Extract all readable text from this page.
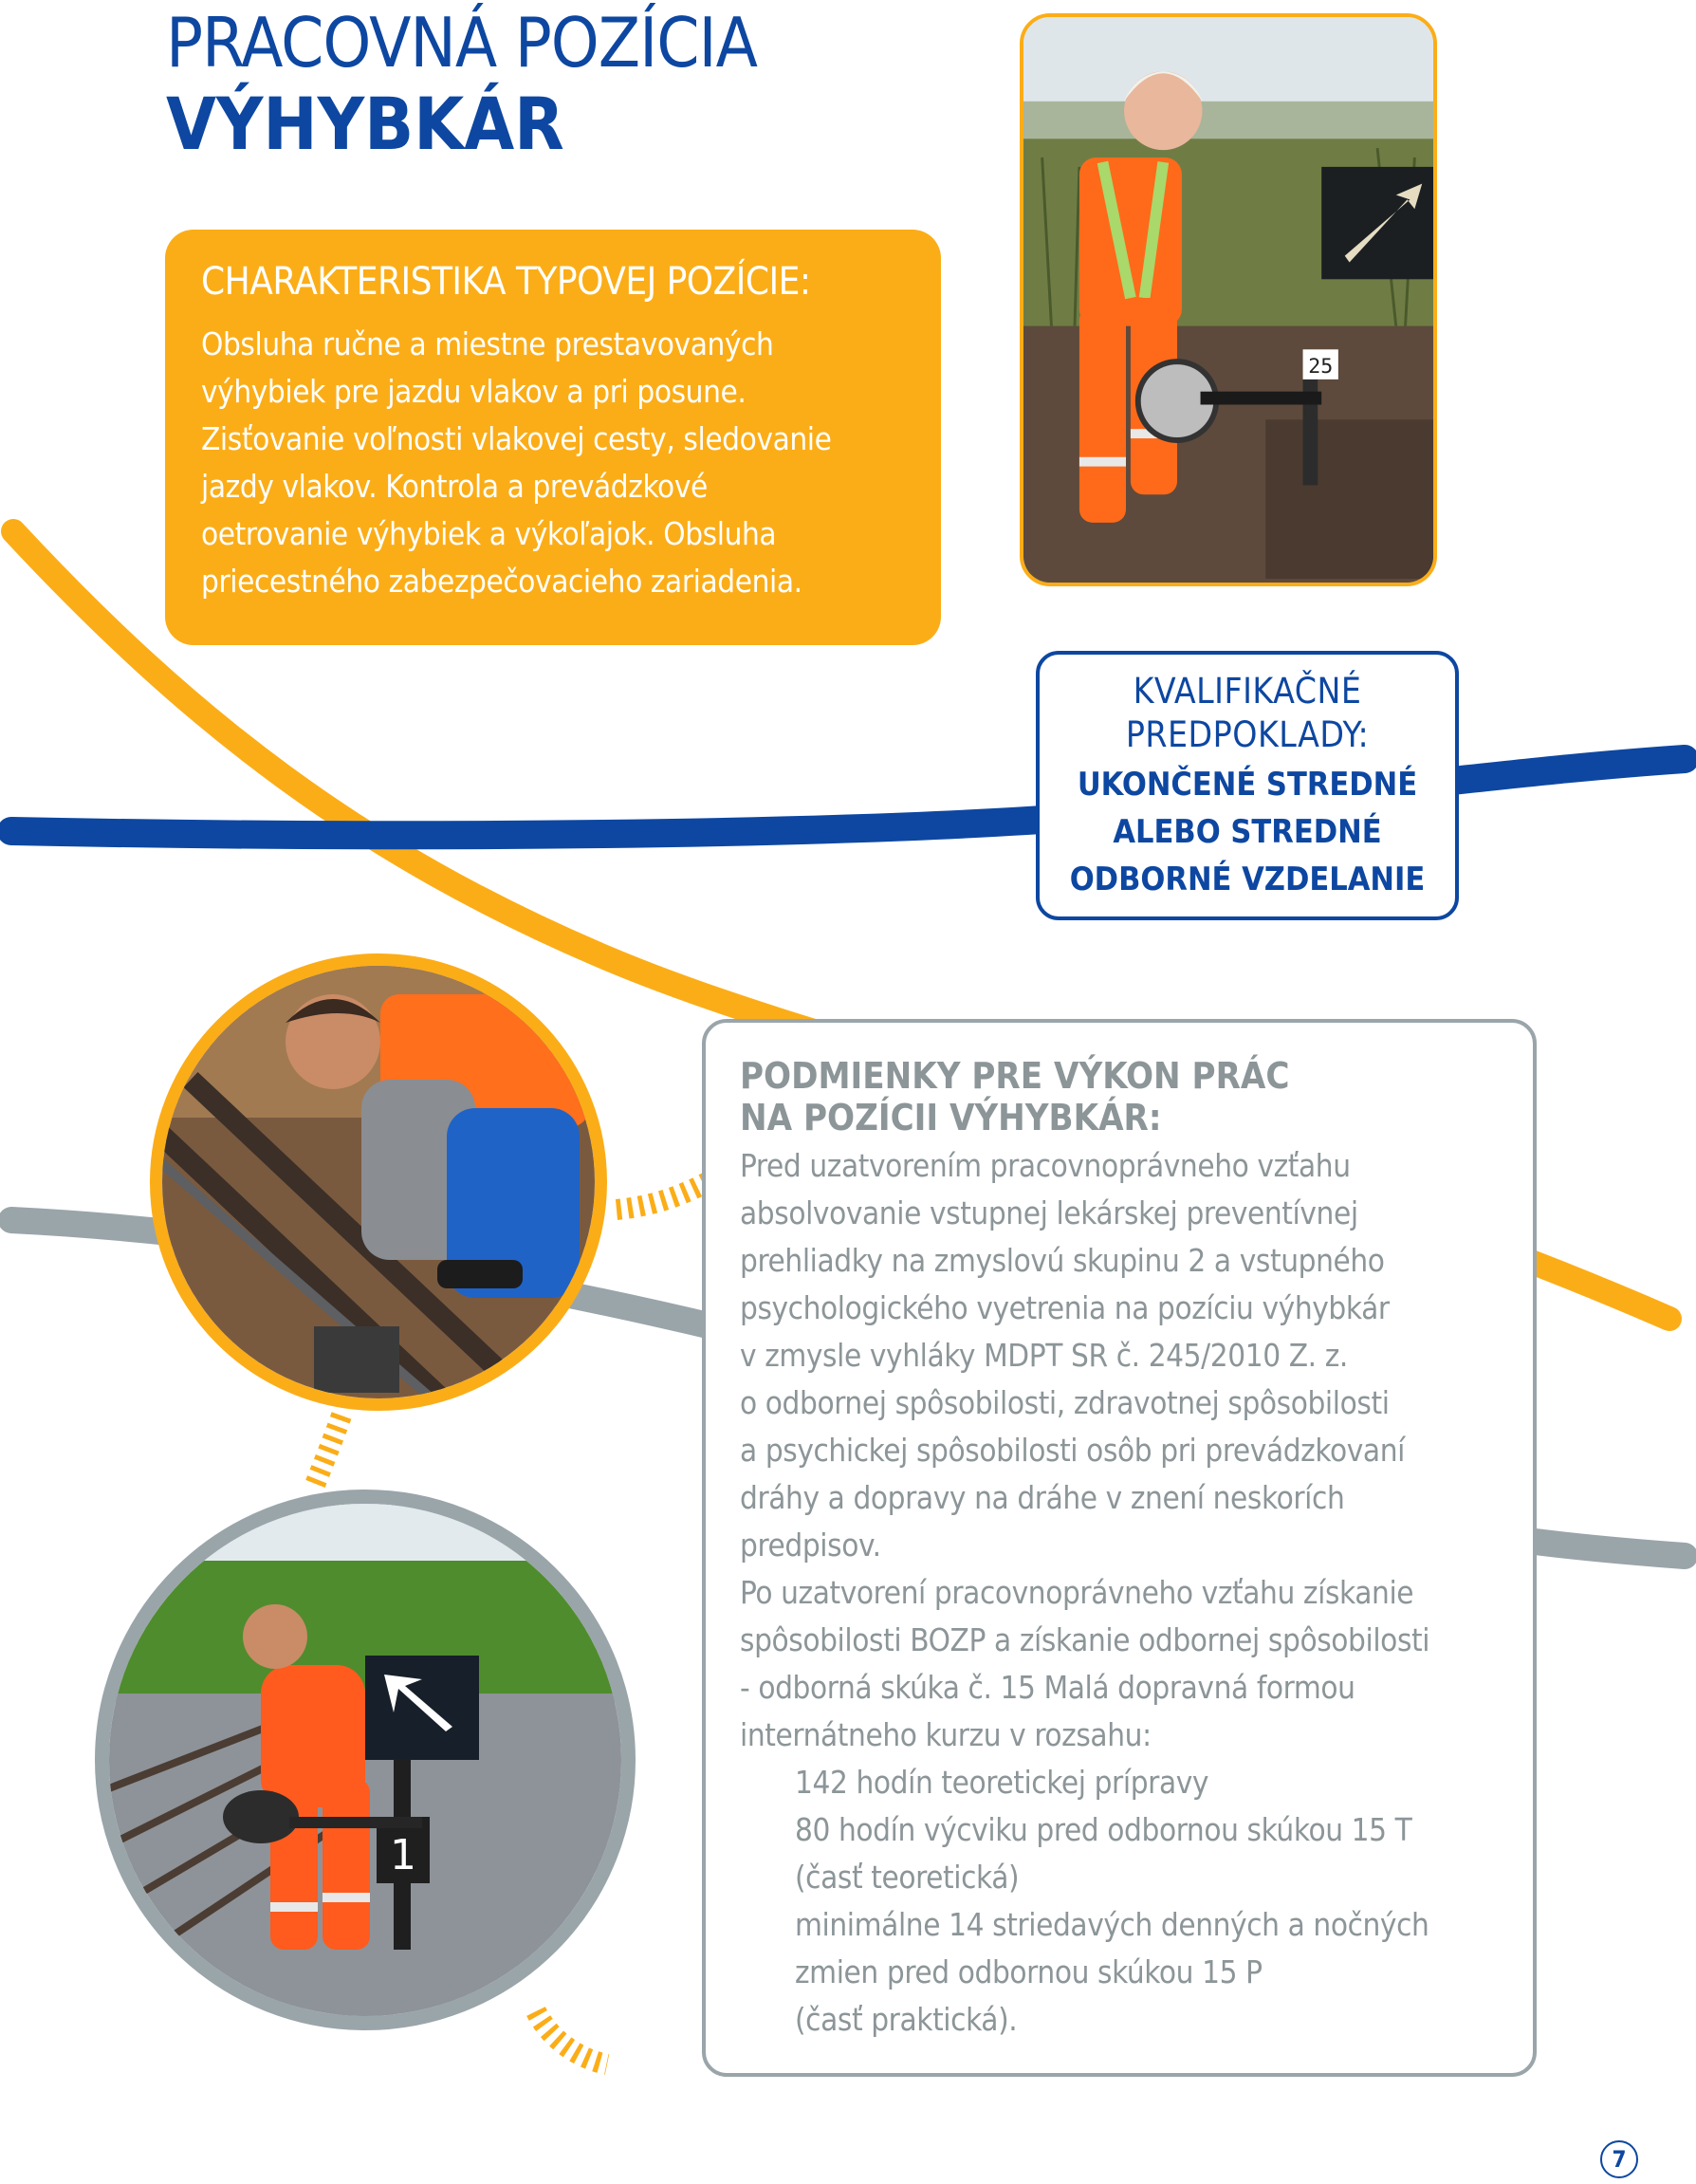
PRACOVNÁ POZÍCIA
VÝHYBKÁR
CHARAKTERISTIKA TYPOVEJ POZÍCIE:

Obsluha ručne a miestne prestavovaných
výhybiek pre jazdu vlakov a pri posune.
Zisťovanie voľnosti vlakovej cesty, sledovanie
jazdy vlakov. Kontrola a prevádzkové
oetrovanie výhybiek a výkoľajok. Obsluha
priecestného zabezpečovacieho zariadenia.

25
KVALIFIKAČNÉ
PREDPOKLADY:
UKONČENÉ STREDNÉ
ALEBO STREDNÉ
ODBORNÉ VZDELANIE
1
PODMIENKY PRE VÝKON PRÁC
NA POZÍCII VÝHYBKÁR:
Pred uzatvorením pracovnoprávneho vzťahu
absolvovanie vstupnej lekárskej preventívnej
prehliadky na zmyslovú skupinu 2 a vstupného
psychologického vyetrenia na pozíciu výhybkár
v zmysle vyhláky MDPT SR č. 245/2010 Z. z.
o odbornej spôsobilosti, zdravotnej spôsobilosti
a psychickej spôsobilosti osôb pri prevádzkovaní
dráhy a dopravy na dráhe v znení neskorích
predpisov.
Po uzatvorení pracovnoprávneho vzťahu získanie
spôsobilosti BOZP a získanie odbornej spôsobilosti
- odborná skúka č. 15 Malá dopravná formou
internátneho kurzu v rozsahu:
142 hodín teoretickej prípravy
80 hodín výcviku pred odbornou skúkou 15 T
(časť teoretická)
minimálne 14 striedavých denných a nočných
zmien pred odbornou skúkou 15 P
(časť praktická).
7
